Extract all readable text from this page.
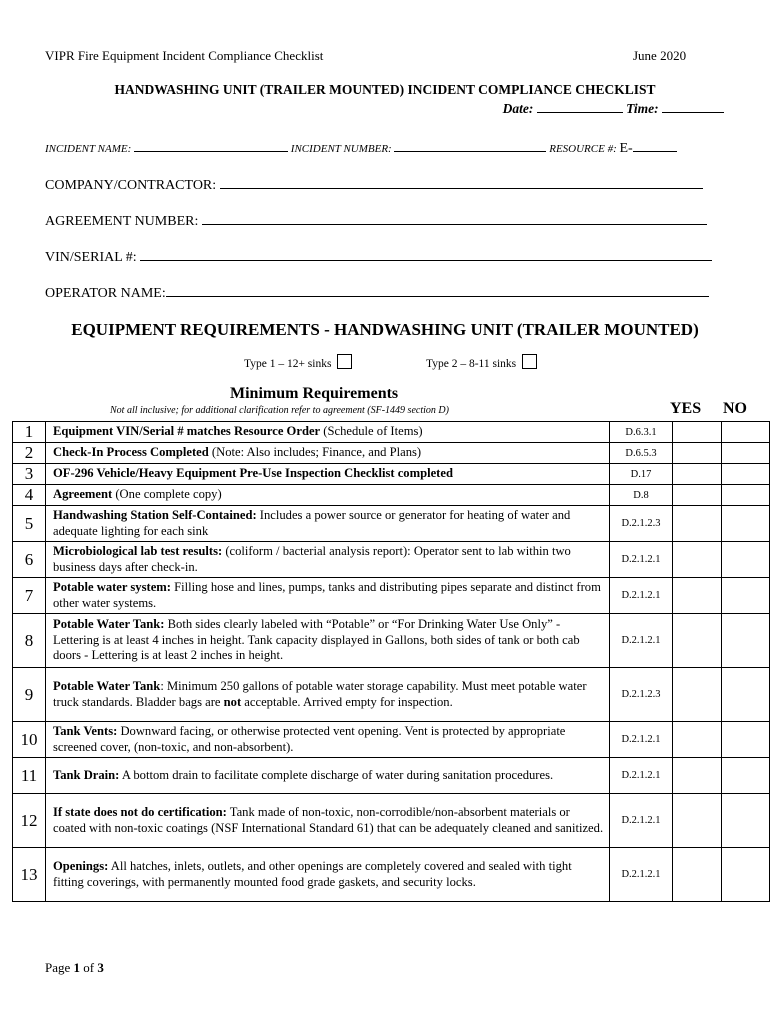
VIPR Fire Equipment Incident Compliance Checklist	June 2020
HANDWASHING UNIT (TRAILER MOUNTED) INCIDENT COMPLIANCE CHECKLIST
Date:	Time:
INCIDENT NAME:	INCIDENT NUMBER:	RESOURCE #: E-
COMPANY/CONTRACTOR:
AGREEMENT NUMBER:
VIN/SERIAL #:
OPERATOR NAME:
EQUIPMENT REQUIREMENTS - HANDWASHING UNIT (TRAILER MOUNTED)
Type 1 – 12+ sinks	Type 2 – 8-11 sinks
Minimum Requirements
Not all inclusive; for additional clarification refer to agreement (SF-1449 section D)	YES NO
1	Equipment VIN/Serial # matches Resource Order (Schedule of Items)	D.6.3.1		
2	Check-In Process Completed (Note: Also includes; Finance, and Plans)	D.6.5.3		
3	OF-296 Vehicle/Heavy Equipment Pre-Use Inspection Checklist completed	D.17		
4	Agreement (One complete copy)	D.8		
5	Handwashing Station Self-Contained: Includes a power source or generator for heating of water and adequate lighting for each sink	D.2.1.2.3		
6	Microbiological lab test results: (coliform / bacterial analysis report): Operator sent to lab within two business days after check-in.	D.2.1.2.1		
7	Potable water system: Filling hose and lines, pumps, tanks and distributing pipes separate and distinct from other water systems.	D.2.1.2.1		
8	Potable Water Tank: Both sides clearly labeled with “Potable” or “For Drinking Water Use Only” - Lettering is at least 4 inches in height. Tank capacity displayed in Gallons, both sides of tank or both cab doors - Lettering is at least 2 inches in height.	D.2.1.2.1		
9	Potable Water Tank: Minimum 250 gallons of potable water storage capability. Must meet potable water truck standards. Bladder bags are not acceptable. Arrived empty for inspection.	D.2.1.2.3		
10	Tank Vents: Downward facing, or otherwise protected vent opening. Vent is protected by appropriate screened cover, (non-toxic, and non-absorbent).	D.2.1.2.1		
11	Tank Drain: A bottom drain to facilitate complete discharge of water during sanitation procedures.	D.2.1.2.1		
12	If state does not do certification: Tank made of non-toxic, non-corrodible/non-absorbent materials or coated with non-toxic coatings (NSF International Standard 61) that can be adequately cleaned and sanitized.	D.2.1.2.1		
13	Openings: All hatches, inlets, outlets, and other openings are completely covered and sealed with tight fitting coverings, with permanently mounted food grade gaskets, and security locks.	D.2.1.2.1		
Page 1 of 3
